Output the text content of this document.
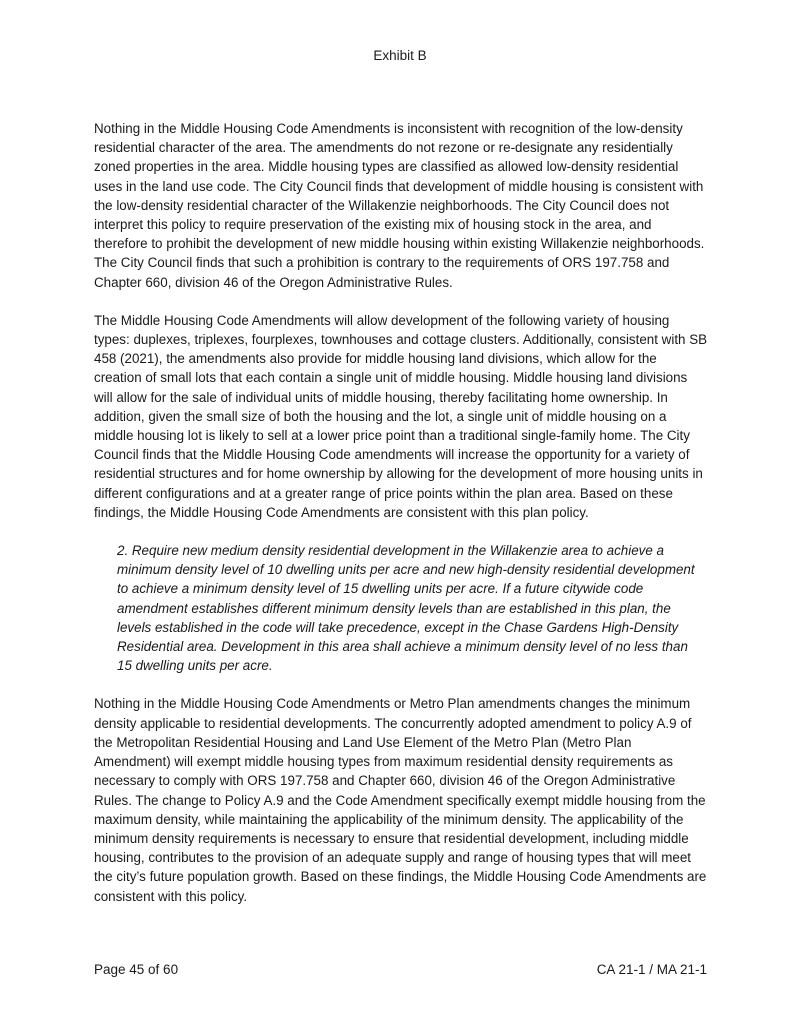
Exhibit B

Nothing in the Middle Housing Code Amendments is inconsistent with recognition of the low-density residential character of the area. The amendments do not rezone or re-designate any residentially zoned properties in the area. Middle housing types are classified as allowed low-density residential uses in the land use code. The City Council finds that development of middle housing is consistent with the low-density residential character of the Willakenzie neighborhoods. The City Council does not interpret this policy to require preservation of the existing mix of housing stock in the area, and therefore to prohibit the development of new middle housing within existing Willakenzie neighborhoods. The City Council finds that such a prohibition is contrary to the requirements of ORS 197.758 and Chapter 660, division 46 of the Oregon Administrative Rules.

The Middle Housing Code Amendments will allow development of the following variety of housing types: duplexes, triplexes, fourplexes, townhouses and cottage clusters. Additionally, consistent with SB 458 (2021), the amendments also provide for middle housing land divisions, which allow for the creation of small lots that each contain a single unit of middle housing. Middle housing land divisions will allow for the sale of individual units of middle housing, thereby facilitating home ownership. In addition, given the small size of both the housing and the lot, a single unit of middle housing on a middle housing lot is likely to sell at a lower price point than a traditional single-family home. The City Council finds that the Middle Housing Code amendments will increase the opportunity for a variety of residential structures and for home ownership by allowing for the development of more housing units in different configurations and at a greater range of price points within the plan area. Based on these findings, the Middle Housing Code Amendments are consistent with this plan policy.

2. Require new medium density residential development in the Willakenzie area to achieve a minimum density level of 10 dwelling units per acre and new high-density residential development to achieve a minimum density level of 15 dwelling units per acre. If a future citywide code amendment establishes different minimum density levels than are established in this plan, the levels established in the code will take precedence, except in the Chase Gardens High-Density Residential area. Development in this area shall achieve a minimum density level of no less than 15 dwelling units per acre.

Nothing in the Middle Housing Code Amendments or Metro Plan amendments changes the minimum density applicable to residential developments. The concurrently adopted amendment to policy A.9 of the Metropolitan Residential Housing and Land Use Element of the Metro Plan (Metro Plan Amendment) will exempt middle housing types from maximum residential density requirements as necessary to comply with ORS 197.758 and Chapter 660, division 46 of the Oregon Administrative Rules. The change to Policy A.9 and the Code Amendment specifically exempt middle housing from the maximum density, while maintaining the applicability of the minimum density. The applicability of the minimum density requirements is necessary to ensure that residential development, including middle housing, contributes to the provision of an adequate supply and range of housing types that will meet the city’s future population growth. Based on these findings, the Middle Housing Code Amendments are consistent with this policy.

Page 45 of 60	CA 21-1 / MA 21-1
